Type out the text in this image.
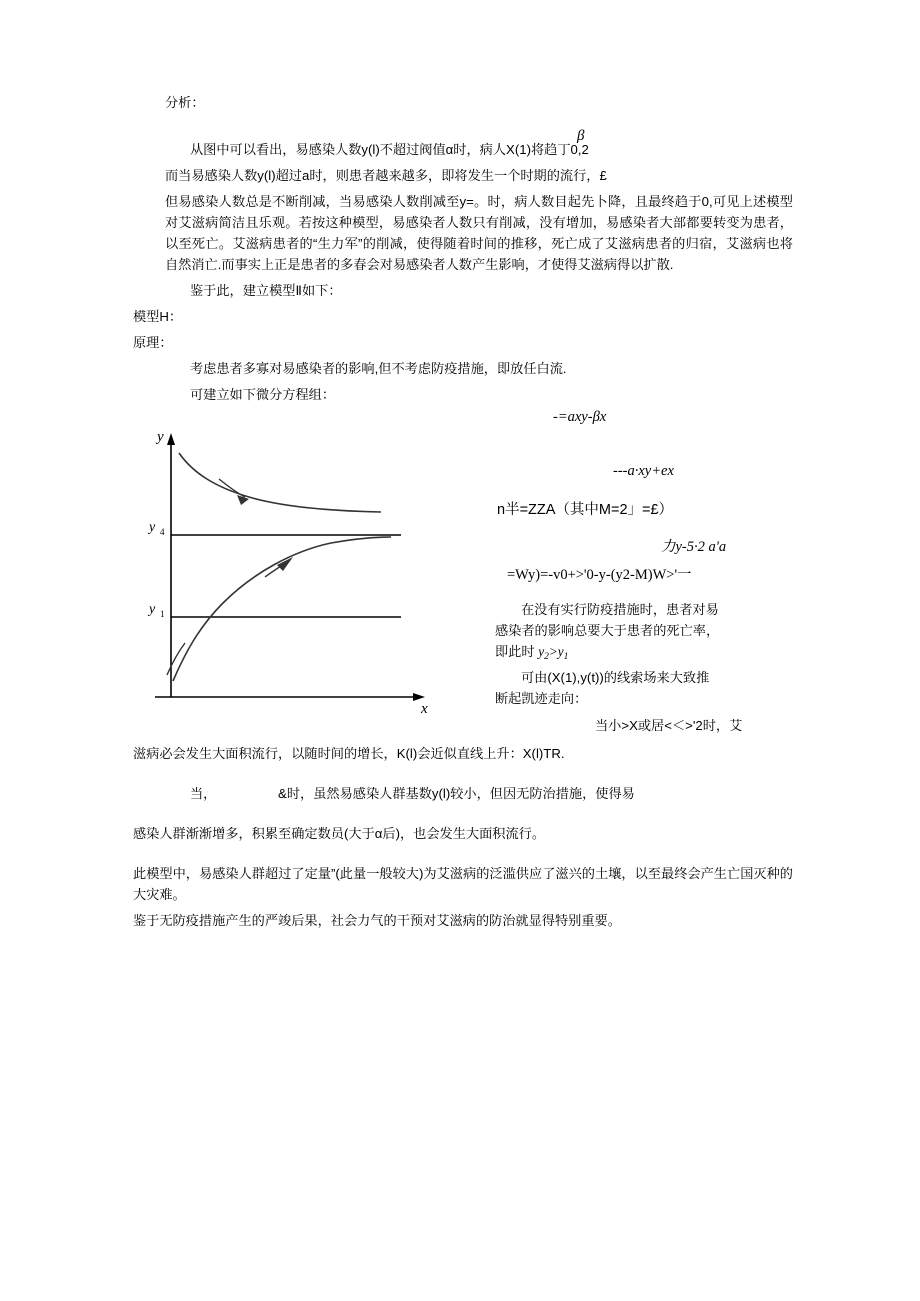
β

分析：

从图中可以看出，易感染人数y(l)不超过阀值α时，病人X(1)将趋丁0,2

而当易感染人数y(l)超过a时，则患者越来越多，即将发生一个时期的流行，£

但易感染人数总是不断削减，当易感染人数削减至y=。时，病人数目起先卜降，且最终趋于0,可见上述模型对艾滋病简洁且乐观。若按这种模型，易感染者人数只有削减，没有增加，易感染者大部都要转变为患者，以至死亡。艾滋病患者的“生力军”的削减，使得随着时间的推移，死亡成了艾滋病患者的归宿，艾滋病也将自然消亡.而事实上正是患者的多春会对易感染者人数产生影响，才使得艾滋病得以扩散.

鉴于此，建立模型Ⅱ如下：

模型H：

原理：

考虑患者多寡对易感染者的影响,但不考虑防疫措施，即放任白流.

可建立如下微分方程组：

y
x
y 4
y 1
-=axy-βx
---a·xy+ex
n半=ZZA（其中M=2」=£）
力y-5·2 a'a
=Wy)=-v0+>'0-y-(y2-M)W>'一
在没有实行防疫措施时，患者对易
感染者的影响总要大于患者的死亡率，
即此时 $y_2>y_1$
可由(X(1),y(t))的线索场来大致推
断起凯迹走向：
当小>X或居<＜>'2时，艾

滋病必会发生大面积流行，以随时间的增长，K(l)会近似直线上升：X(l)TR.

当，	&时，虽然易感染人群基数y(l)较小，但因无防治措施，使得易

感染人群渐渐增多，积累至确定数员(大于α后)，也会发生大面积流行。

此模型中，易感染人群超过了定量”(此量一般较大)为艾滋病的泛滥供应了滋兴的土壤，以至最终会产生亡国灭种的大灾难。

鉴于无防疫措施产生的严竣后果，社会力气的干预对艾滋病的防治就显得特别重要。
